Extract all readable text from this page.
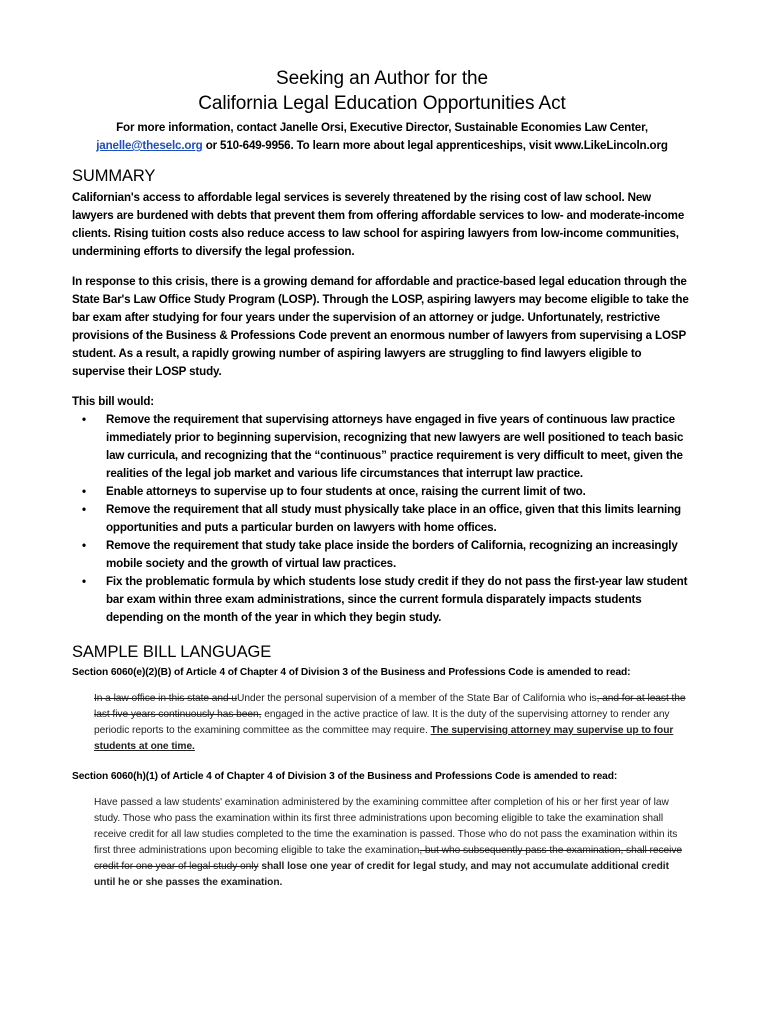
Seeking an Author for the
California Legal Education Opportunities Act

For more information, contact Janelle Orsi, Executive Director, Sustainable Economies Law Center,
janelle@theselc.org or 510-649-9956. To learn more about legal apprenticeships, visit www.LikeLincoln.org

SUMMARY

Californian's access to affordable legal services is severely threatened by the rising cost of law school. New lawyers are burdened with debts that prevent them from offering affordable services to low- and moderate-income clients. Rising tuition costs also reduce access to law school for aspiring lawyers from low-income communities, undermining efforts to diversify the legal profession.

In response to this crisis, there is a growing demand for affordable and practice-based legal education through the State Bar's Law Office Study Program (LOSP). Through the LOSP, aspiring lawyers may become eligible to take the bar exam after studying for four years under the supervision of an attorney or judge. Unfortunately, restrictive provisions of the Business & Professions Code prevent an enormous number of lawyers from supervising a LOSP student. As a result, a rapidly growing number of aspiring lawyers are struggling to find lawyers eligible to supervise their LOSP study.

This bill would:

• Remove the requirement that supervising attorneys have engaged in five years of continuous law practice immediately prior to beginning supervision, recognizing that new lawyers are well positioned to teach basic law curricula, and recognizing that the “continuous” practice requirement is very difficult to meet, given the realities of the legal job market and various life circumstances that interrupt law practice.
• Enable attorneys to supervise up to four students at once, raising the current limit of two.
• Remove the requirement that all study must physically take place in an office, given that this limits learning opportunities and puts a particular burden on lawyers with home offices.
• Remove the requirement that study take place inside the borders of California, recognizing an increasingly mobile society and the growth of virtual law practices.
• Fix the problematic formula by which students lose study credit if they do not pass the first-year law student bar exam within three exam administrations, since the current formula disparately impacts students depending on the month of the year in which they begin study.
SAMPLE BILL LANGUAGE

Section 6060(e)(2)(B) of Article 4 of Chapter 4 of Division 3 of the Business and Professions Code is amended to read:

In a law office in this state and uUnder the personal supervision of a member of the State Bar of California who is, and for at least the last five years continuously has been, engaged in the active practice of law. It is the duty of the supervising attorney to render any periodic reports to the examining committee as the committee may require. The supervising attorney may supervise up to four students at one time.

Section 6060(h)(1) of Article 4 of Chapter 4 of Division 3 of the Business and Professions Code is amended to read:

Have passed a law students' examination administered by the examining committee after completion of his or her first year of law study. Those who pass the examination within its first three administrations upon becoming eligible to take the examination shall receive credit for all law studies completed to the time the examination is passed. Those who do not pass the examination within its first three administrations upon becoming eligible to take the examination, but who subsequently pass the examination, shall receive credit for one year of legal study only shall lose one year of credit for legal study, and may not accumulate additional credit until he or she passes the examination.
